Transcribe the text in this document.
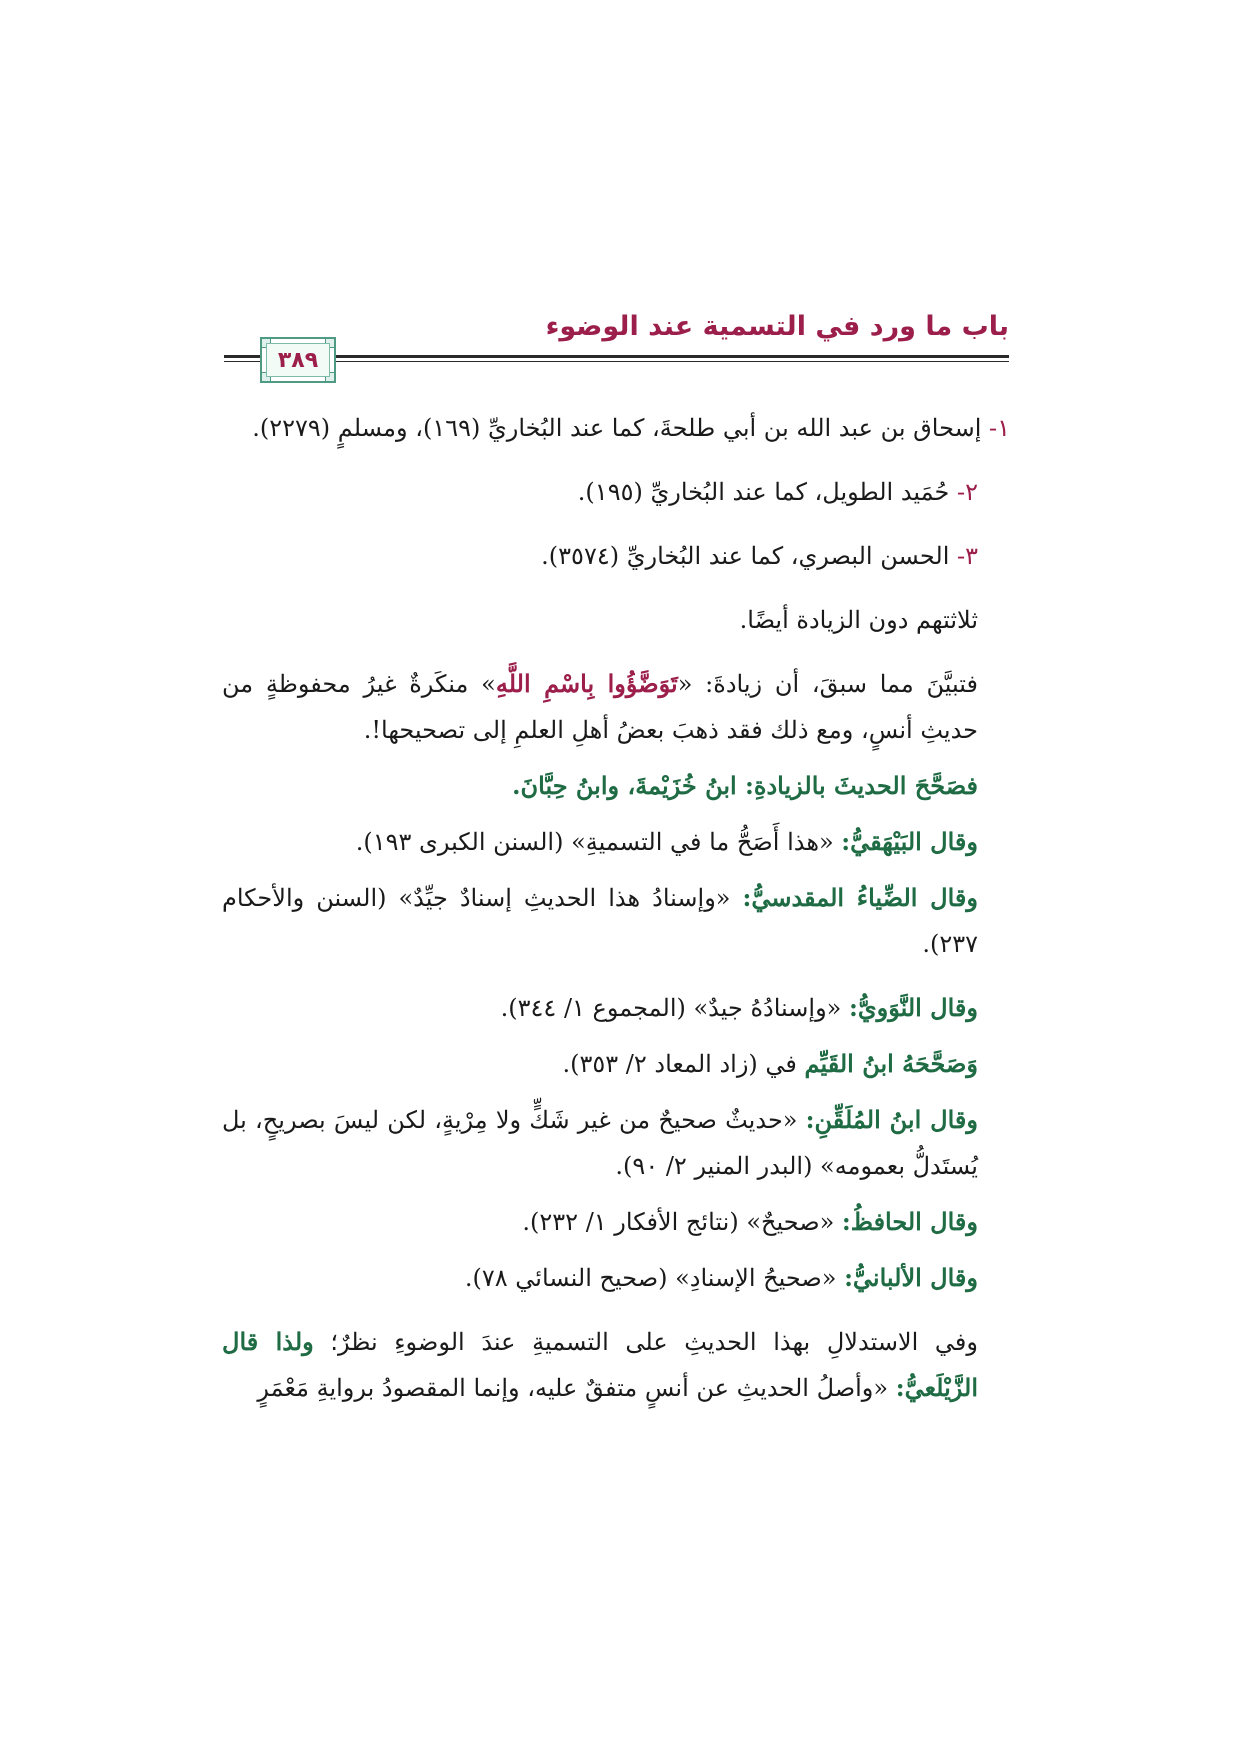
باب ما ورد في التسمية عند الوضوء
٣٨٩

١- إسحاق بن عبد الله بن أبي طلحةَ، كما عند البُخاريِّ (١٦٩)، ومسلمٍ (٢٢٧٩).

٢- حُمَيد الطويل، كما عند البُخاريِّ (١٩٥).

٣- الحسن البصري، كما عند البُخاريِّ (٣٥٧٤).

ثلاثتهم دون الزيادة أيضًا.

فتبيَّنَ مما سبقَ، أن زيادةَ: «تَوَضَّؤُوا بِاسْمِ اللَّهِ» منكَرةٌ غيرُ محفوظةٍ من حديثِ أنسٍ، ومع ذلك فقد ذهبَ بعضُ أهلِ العلمِ إلى تصحيحها!.

فصَحَّحَ الحديثَ بالزيادةِ: ابنُ خُزَيْمةَ، وابنُ حِبَّانَ.

وقال البَيْهَقيُّ: «هذا أَصَحُّ ما في التسميةِ» (السنن الكبرى ١٩٣).

وقال الضِّياءُ المقدسيُّ: «وإسنادُ هذا الحديثِ إسنادٌ جيِّدٌ» (السنن والأحكام ٢٣٧).

وقال النَّوَويُّ: «وإسنادُهُ جيدٌ» (المجموع ١/ ٣٤٤).

وَصَحَّحَهُ ابنُ القَيِّم في (زاد المعاد ٢/ ٣٥٣).

وقال ابنُ المُلَقِّنِ: «حديثٌ صحيحٌ من غير شَكٍّ ولا مِرْيةٍ، لكن ليسَ بصريحٍ، بل يُستَدلُّ بعمومه» (البدر المنير ٢/ ٩٠).

وقال الحافظُ: «صحيحٌ» (نتائج الأفكار ١/ ٢٣٢).

وقال الألبانيُّ: «صحيحُ الإسنادِ» (صحيح النسائي ٧٨).

وفي الاستدلالِ بهذا الحديثِ على التسميةِ عندَ الوضوءِ نظرٌ؛ ولذا قال الزَّيْلَعيُّ: «وأصلُ الحديثِ عن أنسٍ متفقٌ عليه، وإنما المقصودُ بروايةِ مَعْمَرٍ
